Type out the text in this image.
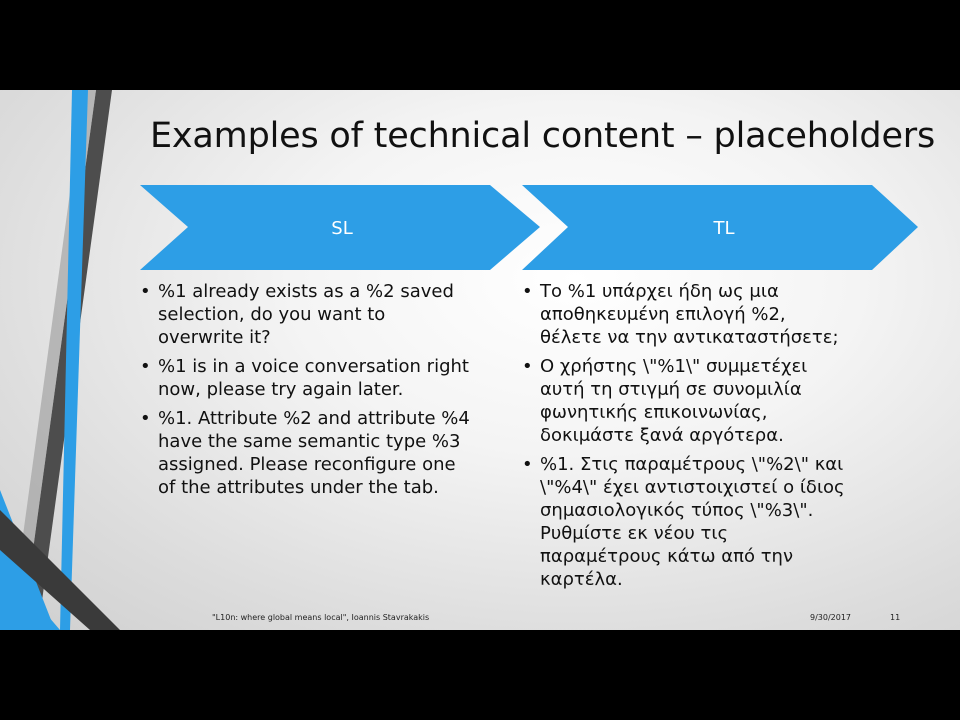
Examples of technical content – placeholders
SL	TL
• %1 already exists as a %2 saved selection, do you want to overwrite it?
• %1 is in a voice conversation right now, please try again later.
• %1. Attribute %2 and attribute %4 have the same semantic type %3 assigned. Please reconfigure one of the attributes under the tab.
• Το %1 υπάρχει ήδη ως μια αποθηκευμένη επιλογή %2, θέλετε να την αντικαταστήσετε;
• Ο χρήστης \"%1\" συμμετέχει αυτή τη στιγμή σε συνομιλία φωνητικής επικοινωνίας, δοκιμάστε ξανά αργότερα.
• %1. Στις παραμέτρους \"%2\" και \"%4\" έχει αντιστοιχιστεί ο ίδιος σημασιολογικός τύπος \"%3\". Ρυθμίστε εκ νέου τις παραμέτρους κάτω από την καρτέλα.
"L10n: where global means local", Ioannis Stavrakakis	9/30/2017	11
